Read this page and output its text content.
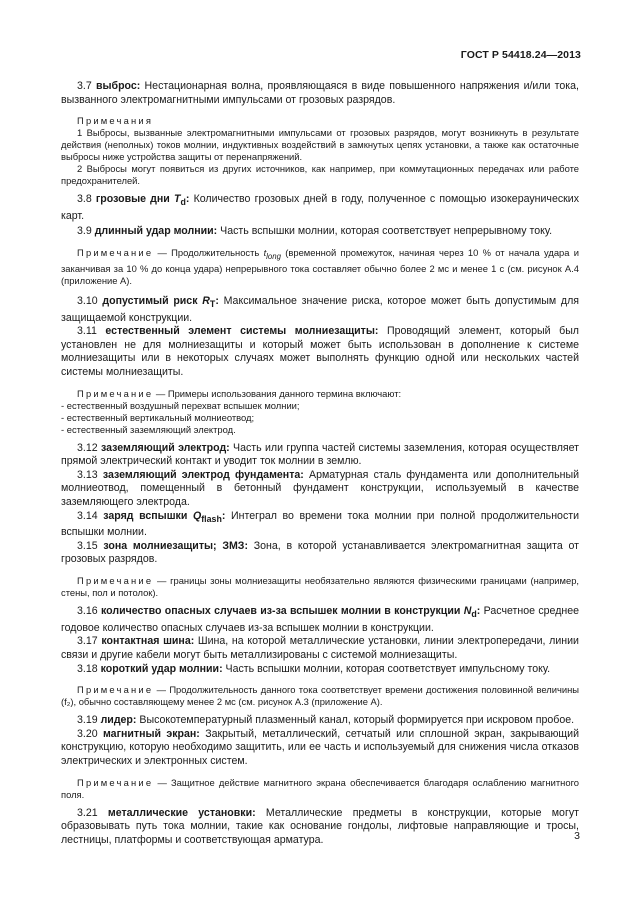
ГОСТ Р 54418.24—2013

3.7 выброс: Нестационарная волна, проявляющаяся в виде повышенного напряжения и/или тока, вызванного электромагнитными импульсами от грозовых разрядов.

Примечания

1 Выбросы, вызванные электромагнитными импульсами от грозовых разрядов, могут возникнуть в результате действия (неполных) токов молнии, индуктивных воздействий в замкнутых цепях установки, а также как остаточные выбросы ниже устройства защиты от перенапряжений.

2 Выбросы могут появиться из других источников, как например, при коммутационных передачах или работе предохранителей.

3.8 грозовые дни $T_d$: Количество грозовых дней в году, полученное с помощью изокераунических карт.

3.9 длинный удар молнии: Часть вспышки молнии, которая соответствует непрерывному току.

Примечание — Продолжительность $t_{long}$ (временной промежуток, начиная через 10 % от начала удара и заканчивая за 10 % до конца удара) непрерывного тока составляет обычно более 2 мс и менее 1 с (см. рисунок А.4 (приложение А).

3.10 допустимый риск $R_T$: Максимальное значение риска, которое может быть допустимым для защищаемой конструкции.

3.11 естественный элемент системы молниезащиты: Проводящий элемент, который был установлен не для молниезащиты и который может быть использован в дополнение к системе молниезащиты или в некоторых случаях может выполнять функцию одной или нескольких частей системы молниезащиты.

Примечание — Примеры использования данного термина включают:

- естественный воздушный перехват вспышек молнии;

- естественный вертикальный молниеотвод;

- естественный заземляющий электрод.

3.12 заземляющий электрод: Часть или группа частей системы заземления, которая осуществляет прямой электрический контакт и уводит ток молнии в землю.

3.13 заземляющий электрод фундамента: Арматурная сталь фундамента или дополнительный молниеотвод, помещенный в бетонный фундамент конструкции, используемый в качестве заземляющего электрода.

3.14 заряд вспышки $Q_{flash}$: Интеграл во времени тока молнии при полной продолжительности вспышки молнии.

3.15 зона молниезащиты; ЗМЗ: Зона, в которой устанавливается электромагнитная защита от грозовых разрядов.

Примечание — границы зоны молниезащиты необязательно являются физическими границами (например, стены, пол и потолок).

3.16 количество опасных случаев из-за вспышек молнии в конструкции $N_d$: Расчетное среднее годовое количество опасных случаев из-за вспышек молнии в конструкции.

3.17 контактная шина: Шина, на которой металлические установки, линии электропередачи, линии связи и другие кабели могут быть металлизированы с системой молниезащиты.

3.18 короткий удар молнии: Часть вспышки молнии, которая соответствует импульсному току.

Примечание — Продолжительность данного тока соответствует времени достижения половинной величины (f₂), обычно составляющему менее 2 мс (см. рисунок А.3 (приложение А).

3.19 лидер: Высокотемпературный плазменный канал, который формируется при искровом пробое.

3.20 магнитный экран: Закрытый, металлический, сетчатый или сплошной экран, закрывающий конструкцию, которую необходимо защитить, или ее часть и используемый для снижения числа отказов электрических и электронных систем.

Примечание — Защитное действие магнитного экрана обеспечивается благодаря ослаблению магнитного поля.

3.21 металлические установки: Металлические предметы в конструкции, которые могут образовывать путь тока молнии, такие как основание гондолы, лифтовые направляющие и тросы, лестницы, платформы и соответствующая арматура.	3
